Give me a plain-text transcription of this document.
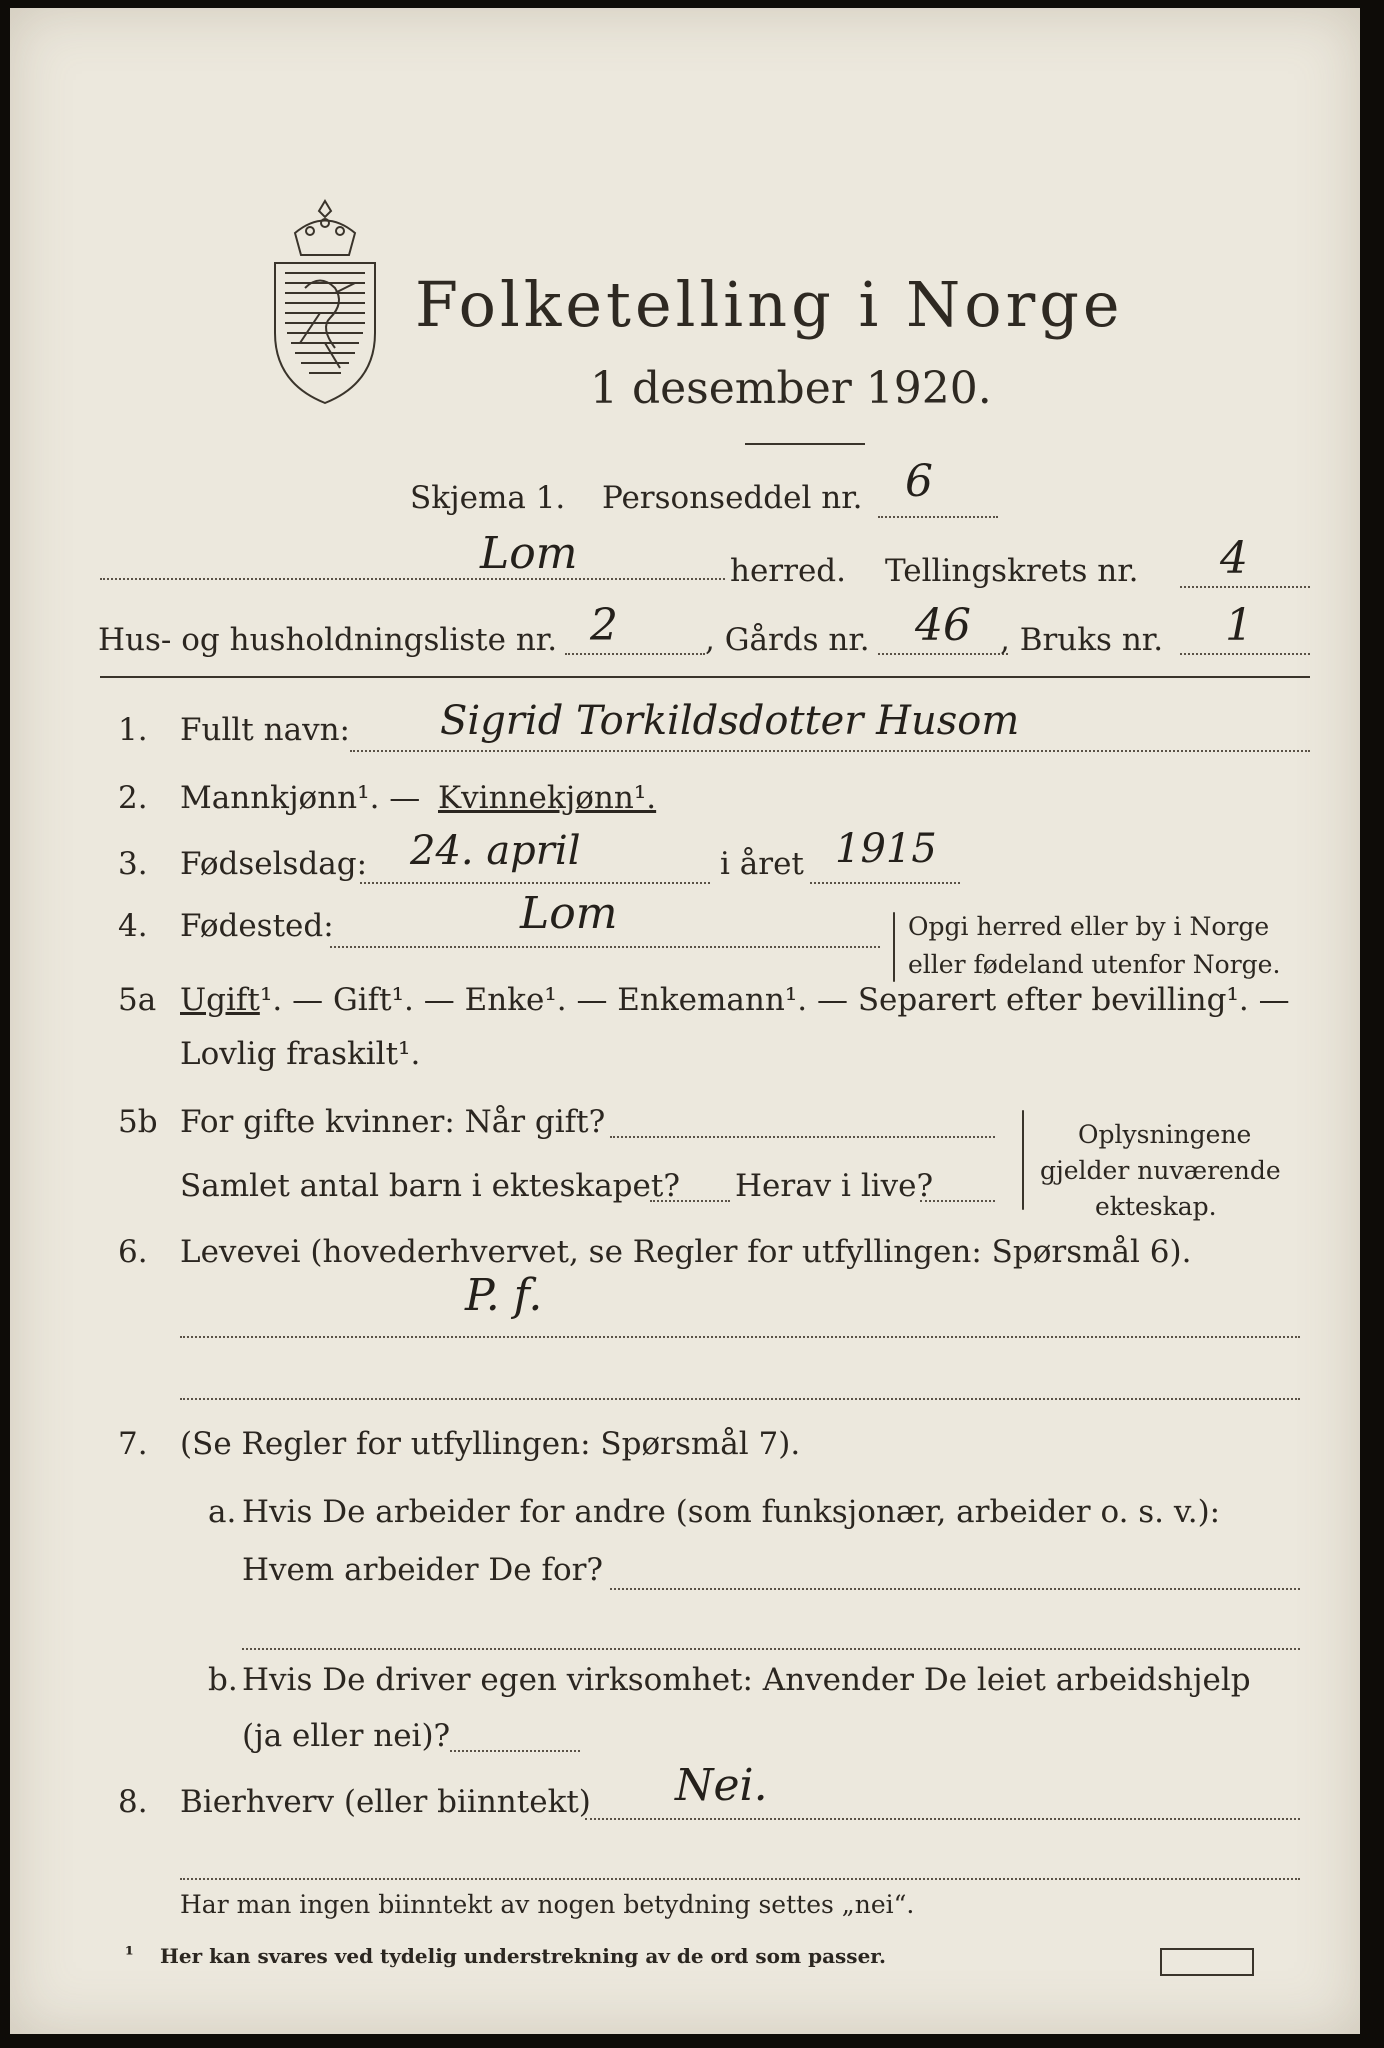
Folketelling i Norge
1 desember 1920.
Skjema 1. Personseddel nr. 6
Lom	herred. Tellingskrets nr. 4
Hus- og husholdningsliste nr. 2	, Gårds nr. 46 , Bruks nr. 1
1. Fullt navn: Sigrid Torkildsdotter Husom
2. Mannkjønn¹. — Kvinnekjønn¹.
3. Fødselsdag: 24. april	i året 1915
4. Fødested:	Lom	Opgi herred eller by i Norge
eller fødeland utenfor Norge.
5a Ugift ¹. — Gift¹. — Enke¹. — Enkemann¹. — Separert efter bevilling¹. —
Lovlig fraskilt¹.
5b For gifte kvinner: Når gift?
Samlet antal barn i ekteskapet? Herav i live?
Oplysningene
gjelder nuværende
ekteskap.
6. Levevei (hovederhvervet, se Regler for utfyllingen: Spørsmål 6).
P. f.
7. (Se Regler for utfyllingen: Spørsmål 7).
a. Hvis De arbeider for andre (som funksjonær, arbeider o. s. v.):
Hvem arbeider De for?
b. Hvis De driver egen virksomhet: Anvender De leiet arbeidshjelp
(ja eller nei)?
8. Bierhverv (eller biinntekt) Nei.
Har man ingen biinntekt av nogen betydning settes „nei“.
¹ Her kan svares ved tydelig understrekning av de ord som passer.
